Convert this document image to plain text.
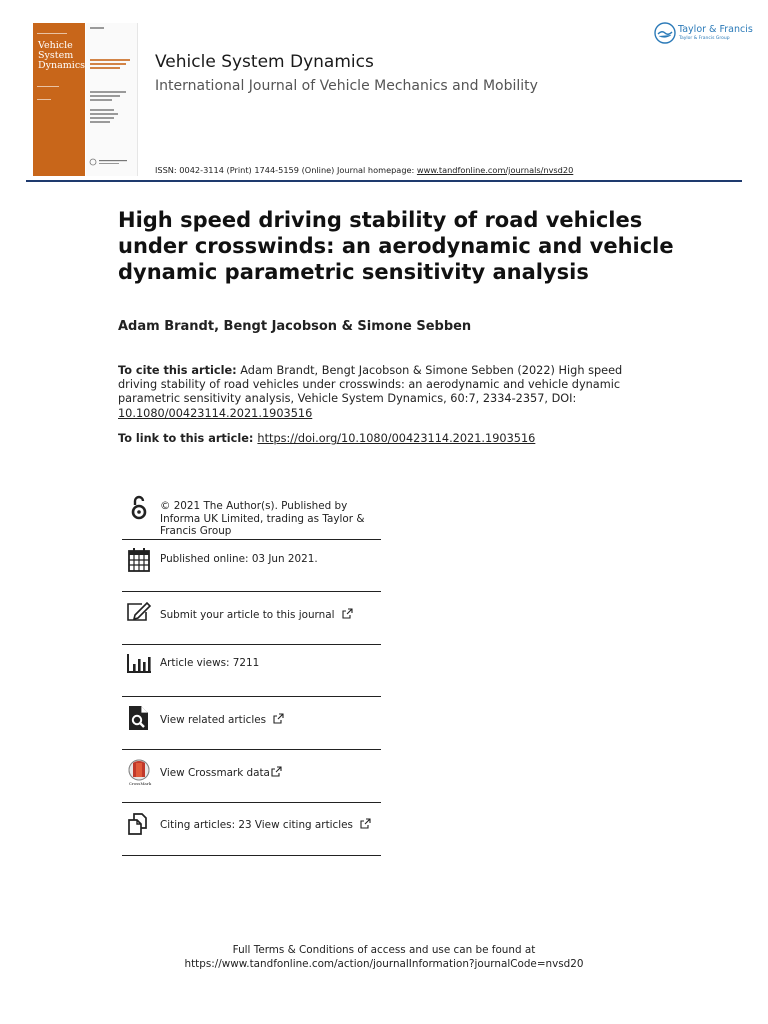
Vehicle
System
Dynamics	Vehicle System Dynamics
International Journal of Vehicle Mechanics and Mobility
ISSN: 0042-3114 (Print) 1744-5159 (Online) Journal homepage: www.tandfonline.com/journals/nvsd20
Taylor & Francis
Taylor & Francis Group
High speed driving stability of road vehicles under crosswinds: an aerodynamic and vehicle dynamic parametric sensitivity analysis
Adam Brandt, Bengt Jacobson & Simone Sebben
To cite this article: Adam Brandt, Bengt Jacobson & Simone Sebben (2022) High speed driving stability of road vehicles under crosswinds: an aerodynamic and vehicle dynamic parametric sensitivity analysis, Vehicle System Dynamics, 60:7, 2334-2357, DOI: 10.1080/00423114.2021.1903516
To link to this article: https://doi.org/10.1080/00423114.2021.1903516
© 2021 The Author(s). Published by Informa UK Limited, trading as Taylor & Francis Group
Published online: 03 Jun 2021.
Submit your article to this journal
Article views: 7211
View related articles
CrossMark
View Crossmark data
Citing articles: 23 View citing articles
Full Terms & Conditions of access and use can be found at
https://www.tandfonline.com/action/journalInformation?journalCode=nvsd20
